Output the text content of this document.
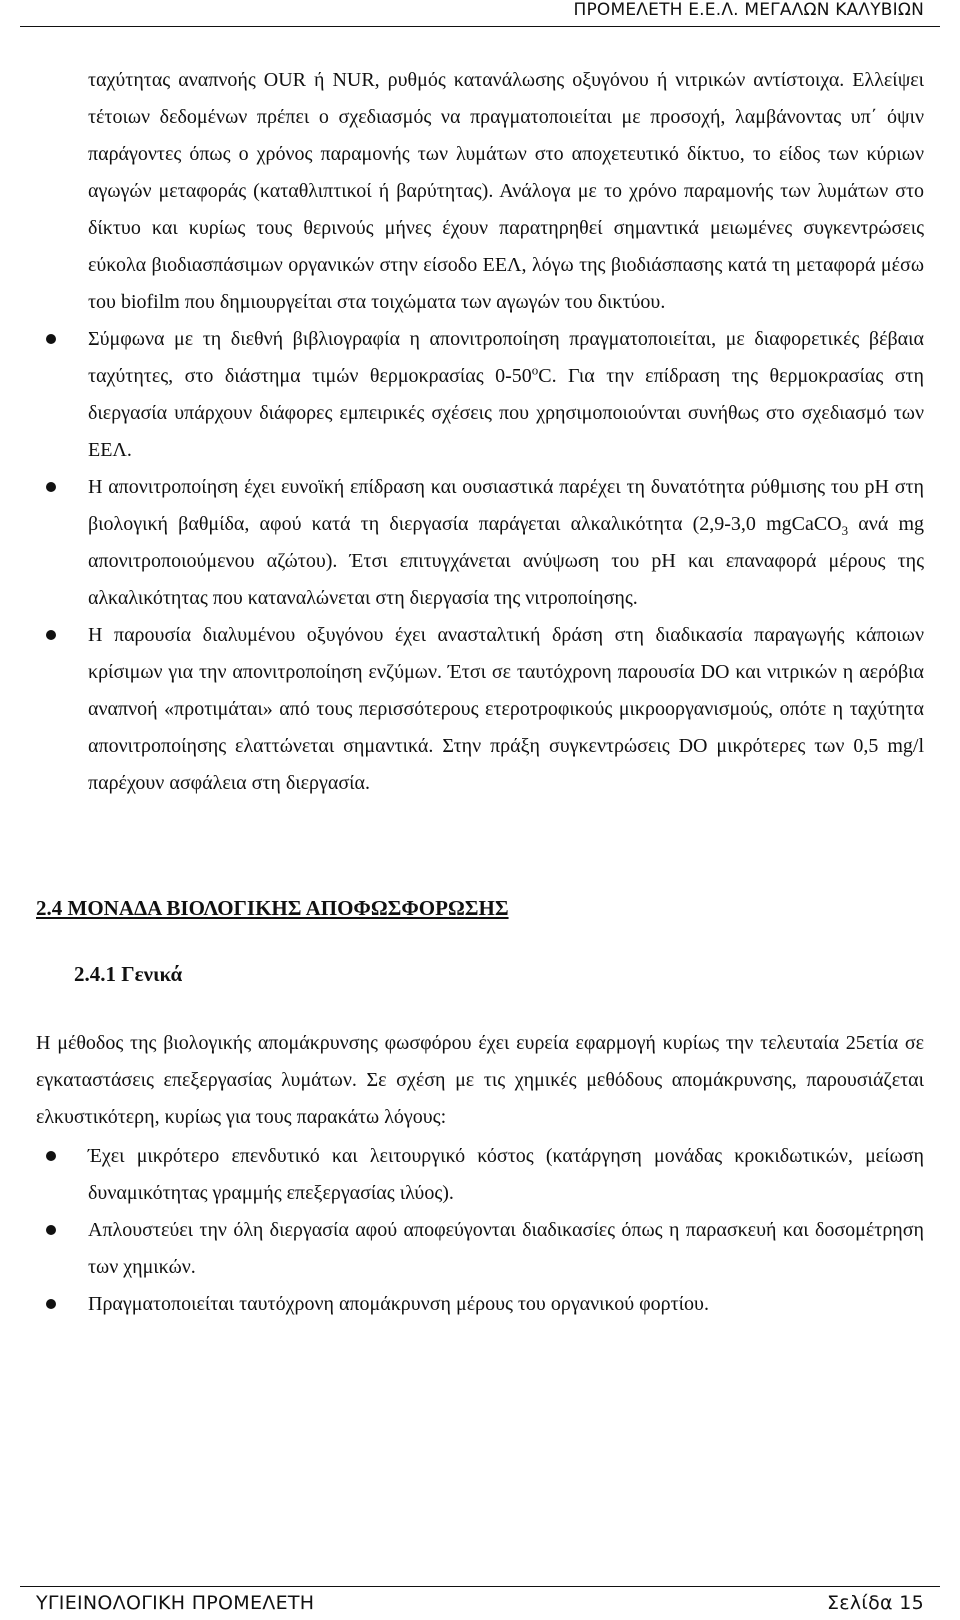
ΠΡΟΜΕΛΕΤΗ Ε.Ε.Λ. ΜΕΓΑΛΩΝ ΚΑΛΥΒΙΩΝ

ταχύτητας αναπνοής OUR ή NUR, ρυθμός κατανάλωσης οξυγόνου ή νιτρικών αντίστοιχα. Ελλείψει τέτοιων δεδομένων πρέπει ο σχεδιασμός να πραγματοποιείται με προσοχή, λαμβάνοντας υπ΄ όψιν παράγοντες όπως ο χρόνος παραμονής των λυμάτων στο αποχετευτικό δίκτυο, το είδος των κύριων αγωγών μεταφοράς (καταθλιπτικοί ή βαρύτητας). Ανάλογα με το χρόνο παραμονής των λυμάτων στο δίκτυο και κυρίως τους θερινούς μήνες έχουν παρατηρηθεί σημαντικά μειωμένες συγκεντρώσεις εύκολα βιοδιασπάσιμων οργανικών στην είσοδο ΕΕΛ, λόγω της βιοδιάσπασης κατά τη μεταφορά μέσω του biofilm που δημιουργείται στα τοιχώματα των αγωγών του δικτύου.

Σύμφωνα με τη διεθνή βιβλιογραφία η απονιτροποίηση πραγματοποιείται, με διαφορετικές βέβαια ταχύτητες, στο διάστημα τιμών θερμοκρασίας 0-50$^o$C. Για την επίδραση της θερμοκρασίας στη διεργασία υπάρχουν διάφορες εμπειρικές σχέσεις που χρησιμοποιούνται συνήθως στο σχεδιασμό των ΕΕΛ.
Η απονιτροποίηση έχει ευνοϊκή επίδραση και ουσιαστικά παρέχει τη δυνατότητα ρύθμισης του pH στη βιολογική βαθμίδα, αφού κατά τη διεργασία παράγεται αλκαλικότητα (2,9-3,0 mgCaCO$_3$ ανά mg απονιτροποιούμενου αζώτου). Έτσι επιτυγχάνεται ανύψωση του pH και επαναφορά μέρους της αλκαλικότητας που καταναλώνεται στη διεργασία της νιτροποίησης.
Η παρουσία διαλυμένου οξυγόνου έχει ανασταλτική δράση στη διαδικασία παραγωγής κάποιων κρίσιμων για την απονιτροποίηση ενζύμων. Έτσι σε ταυτόχρονη παρουσία DO και νιτρικών η αερόβια αναπνοή «προτιμάται» από τους περισσότερους ετεροτροφικούς μικροοργανισμούς, οπότε η ταχύτητα απονιτροποίησης ελαττώνεται σημαντικά. Στην πράξη συγκεντρώσεις DO μικρότερες των 0,5 mg/l παρέχουν ασφάλεια στη διεργασία.
2.4 ΜΟΝΑΔΑ ΒΙΟΛΟΓΙΚΗΣ ΑΠΟΦΩΣΦΟΡΩΣΗΣ
2.4.1 Γενικά

Η μέθοδος της βιολογικής απομάκρυνσης φωσφόρου έχει ευρεία εφαρμογή κυρίως την τελευταία 25ετία σε εγκαταστάσεις επεξεργασίας λυμάτων. Σε σχέση με τις χημικές μεθόδους απομάκρυνσης, παρουσιάζεται ελκυστικότερη, κυρίως για τους παρακάτω λόγους:

Έχει μικρότερο επενδυτικό και λειτουργικό κόστος (κατάργηση μονάδας κροκιδωτικών, μείωση δυναμικότητας γραμμής επεξεργασίας ιλύος).
Απλουστεύει την όλη διεργασία αφού αποφεύγονται διαδικασίες όπως η παρασκευή και δοσομέτρηση των χημικών.
Πραγματοποιείται ταυτόχρονη απομάκρυνση μέρους του οργανικού φορτίου.
ΥΓΙΕΙΝΟΛΟΓΙΚΗ ΠΡΟΜΕΛΕΤΗ	Σελίδα 15
